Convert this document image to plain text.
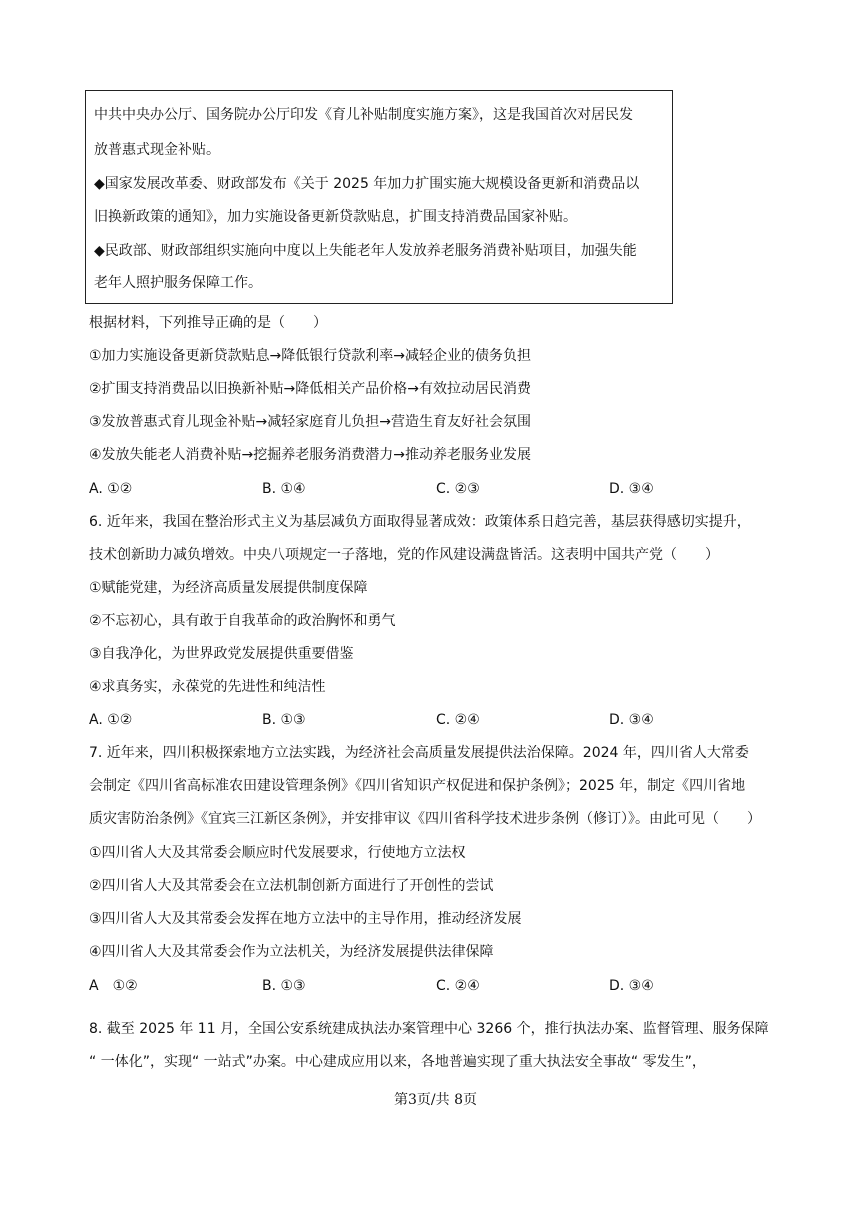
中共中央办公厅、国务院办公厅印发《育儿补贴制度实施方案》，这是我国首次对居民发
放普惠式现金补贴。
◆国家发展改革委、财政部发布《关于 2025 年加力扩围实施大规模设备更新和消费品以
旧换新政策的通知》，加力实施设备更新贷款贴息，扩围支持消费品国家补贴。
◆民政部、财政部组织实施向中度以上失能老年人发放养老服务消费补贴项目，加强失能
老年人照护服务保障工作。
根据材料，下列推导正确的是（　　）
①加力实施设备更新贷款贴息→降低银行贷款利率→减轻企业的债务负担
②扩围支持消费品以旧换新补贴→降低相关产品价格→有效拉动居民消费
③发放普惠式育儿现金补贴→减轻家庭育儿负担→营造生育友好社会氛围
④发放失能老人消费补贴→挖掘养老服务消费潜力→推动养老服务业发展
A. ①②	B. ①④	C. ②③	D. ③④
6. 近年来，我国在整治形式主义为基层减负方面取得显著成效：政策体系日趋完善，基层获得感切实提升，
技术创新助力减负增效。中央八项规定一子落地，党的作风建设满盘皆活。这表明中国共产党（　　）
①赋能党建，为经济高质量发展提供制度保障
②不忘初心，具有敢于自我革命的政治胸怀和勇气
③自我净化，为世界政党发展提供重要借鉴
④求真务实，永葆党的先进性和纯洁性
A. ①②	B. ①③	C. ②④	D. ③④
7. 近年来，四川积极探索地方立法实践，为经济社会高质量发展提供法治保障。2024 年，四川省人大常委
会制定《四川省高标准农田建设管理条例》《四川省知识产权促进和保护条例》；2025 年，制定《四川省地
质灾害防治条例》《宜宾三江新区条例》，并安排审议《四川省科学技术进步条例（修订）》。由此可见（　　）
①四川省人大及其常委会顺应时代发展要求，行使地方立法权
②四川省人大及其常委会在立法机制创新方面进行了开创性的尝试
③四川省人大及其常委会发挥在地方立法中的主导作用，推动经济发展
④四川省人大及其常委会作为立法机关，为经济发展提供法律保障
A　①②	B. ①③	C. ②④	D. ③④
8. 截至 2025 年 11 月，全国公安系统建成执法办案管理中心 3266 个，推行执法办案、监督管理、服务保障
“ 一体化”，实现“ 一站式”办案。中心建成应用以来，各地普遍实现了重大执法安全事故“ 零发生”，
第3页/共 8页
